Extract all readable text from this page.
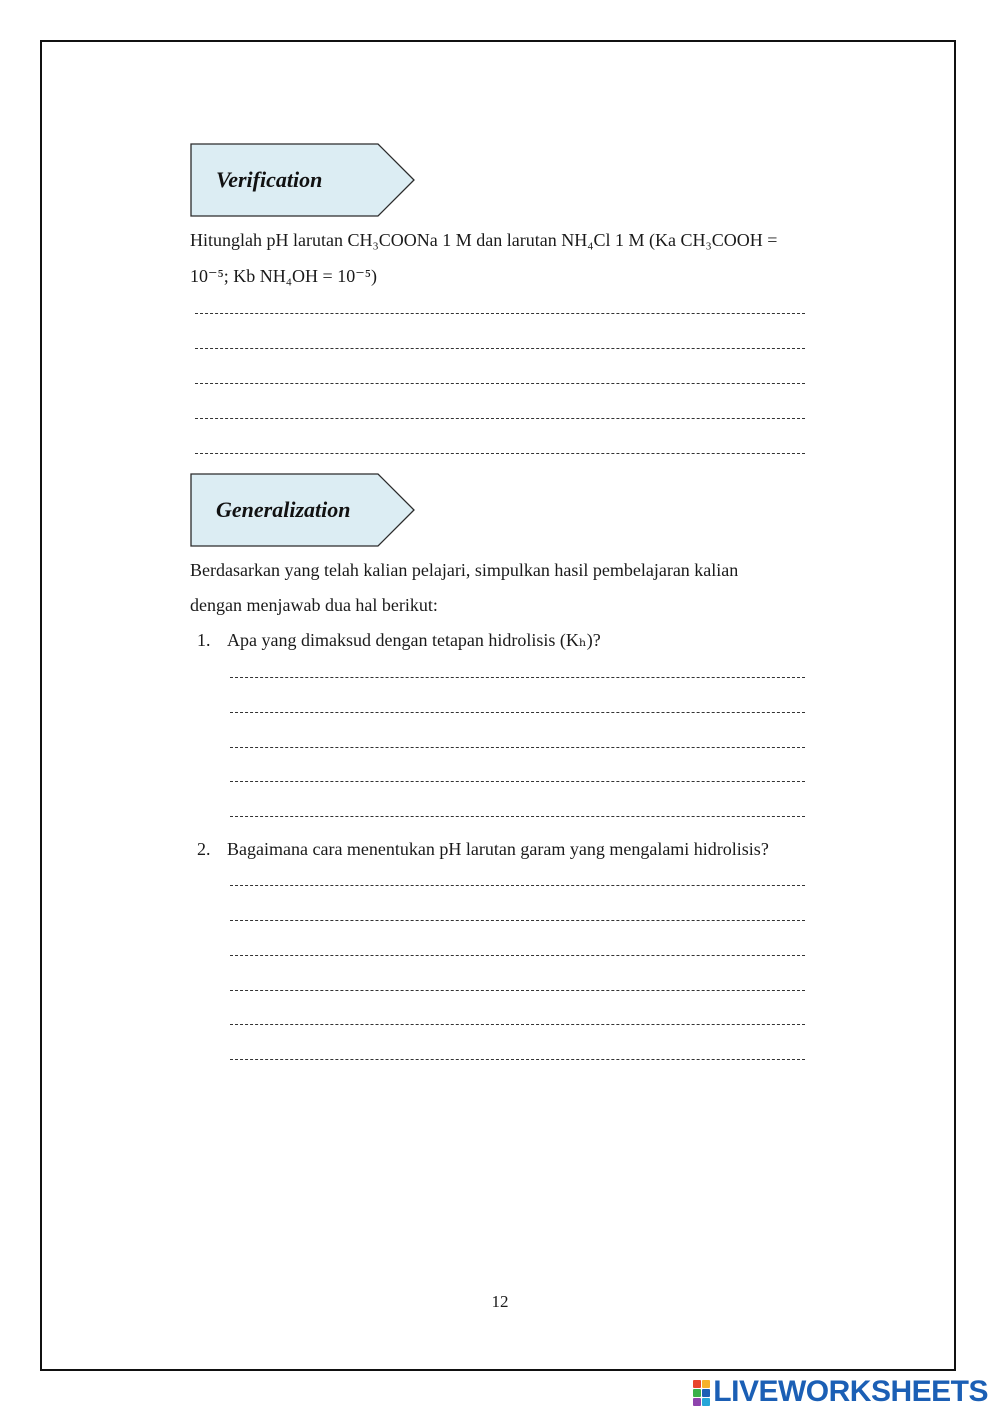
Verification
Hitunglah pH larutan CH₃COONa 1 M dan larutan NH₄Cl 1 M (Ka CH₃COOH =
10⁻⁵; Kb NH₄OH = 10⁻⁵)
Generalization
Berdasarkan yang telah kalian pelajari, simpulkan hasil pembelajaran kalian
dengan menjawab dua hal berikut:
1. Apa yang dimaksud dengan tetapan hidrolisis (Kₕ)?
2. Bagaimana cara menentukan pH larutan garam yang mengalami hidrolisis?
12
LIVEWORKSHEETS
